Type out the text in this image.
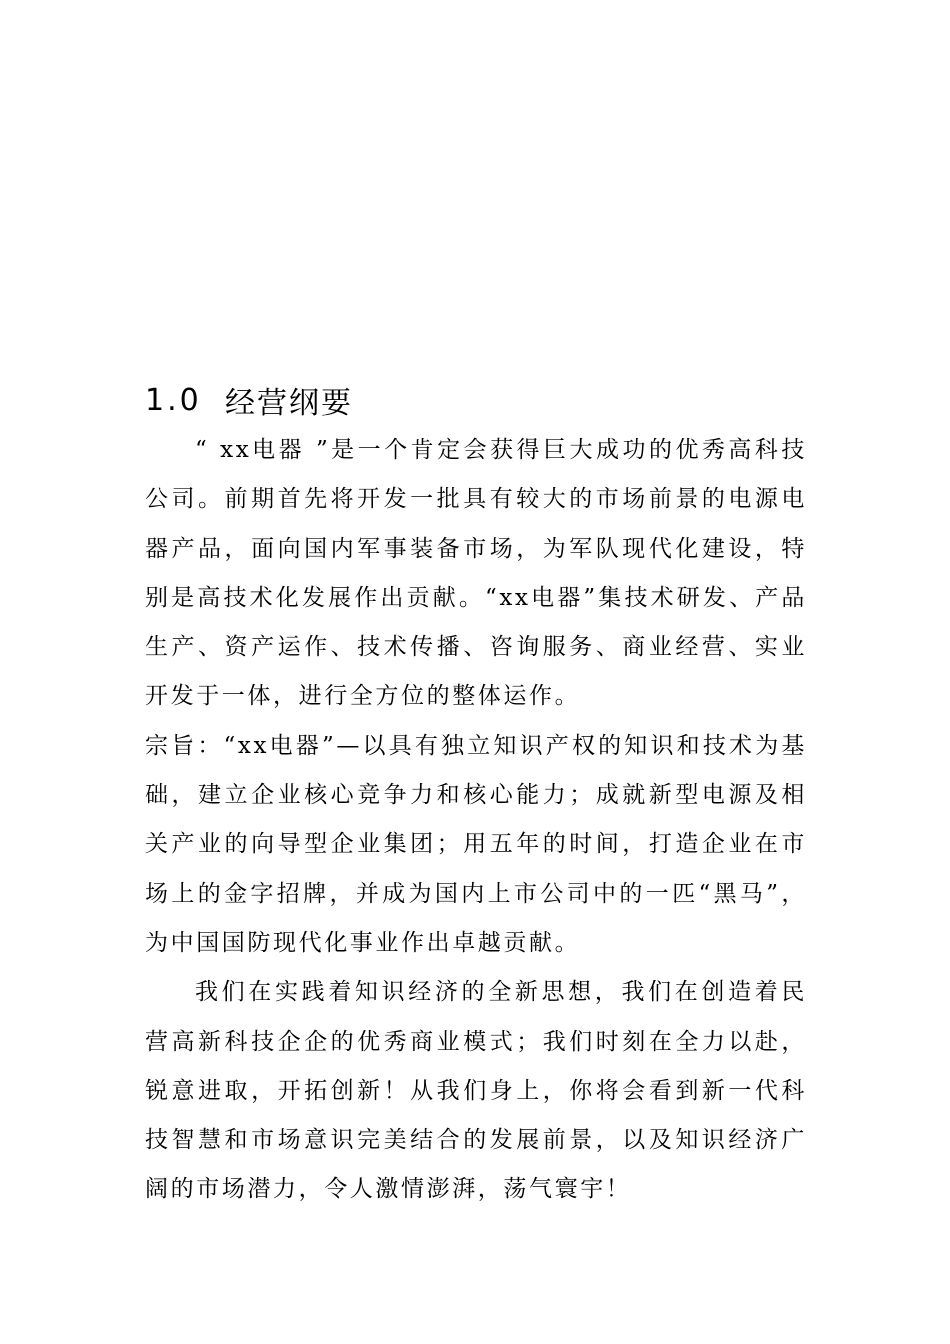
1.0 经营纲要

“ xx电器 ”是一个肯定会获得巨大成功的优秀高科技公司。前期首先将开发一批具有较大的市场前景的电源电器产品，面向国内军事装备市场，为军队现代化建设，特别是高技术化发展作出贡献。“xx电器”集技术研发、产品生产、资产运作、技术传播、咨询服务、商业经营、实业开发于一体，进行全方位的整体运作。

宗旨：“xx电器”—以具有独立知识产权的知识和技术为基础，建立企业核心竞争力和核心能力；成就新型电源及相关产业的向导型企业集团；用五年的时间，打造企业在市场上的金字招牌，并成为国内上市公司中的一匹“黑马”，为中国国防现代化事业作出卓越贡献。

我们在实践着知识经济的全新思想，我们在创造着民营高新科技企企的优秀商业模式；我们时刻在全力以赴，锐意进取，开拓创新！从我们身上，你将会看到新一代科技智慧和市场意识完美结合的发展前景，以及知识经济广阔的市场潜力，令人激情澎湃，荡气寰宇！
